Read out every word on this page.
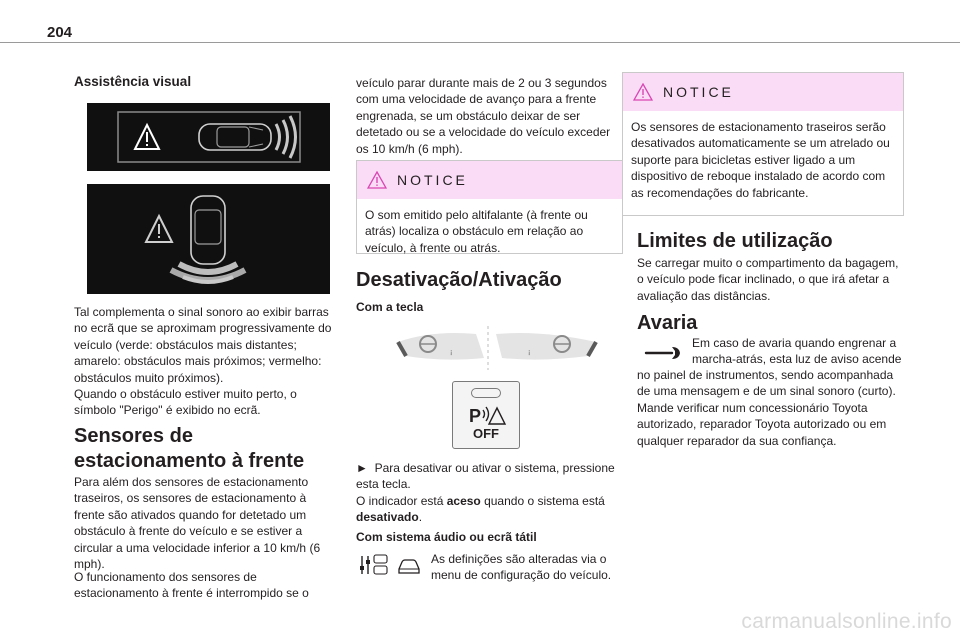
204
Assistência visual

Tal complementa o sinal sonoro ao exibir barras no ecrã que se aproximam progressivamente do veículo (verde: obstáculos mais distantes; amarelo: obstáculos mais próximos; vermelho: obstáculos muito próximos).

Quando o obstáculo estiver muito perto, o símbolo "Perigo" é exibido no ecrã.

Sensores de
estacionamento à frente

Para além dos sensores de estacionamento traseiros, os sensores de estacionamento à frente são ativados quando for detetado um obstáculo à frente do veículo e se estiver a circular a uma velocidade inferior a 10 km/h (6 mph).

O funcionamento dos sensores de estacionamento à frente é interrompido se o

veículo parar durante mais de 2 ou 3 segundos com uma velocidade de avanço para a frente engrenada, se um obstáculo deixar de ser detetado ou se a velocidade do veículo exceder os 10 km/h (6 mph).

NOTICE
O som emitido pelo altifalante (à frente ou atrás) localiza o obstáculo em relação ao veículo, à frente ou atrás.
Desativação/Ativação
Com a tecla
¡	¡
P
OFF

► Para desativar ou ativar o sistema, pressione esta tecla.

O indicador está aceso quando o sistema está desativado.

Com sistema áudio ou ecrã tátil

As definições são alteradas via o

menu de configuração do veículo.

NOTICE
Os sensores de estacionamento traseiros serão desativados automaticamente se um atrelado ou suporte para bicicletas estiver ligado a um dispositivo de reboque instalado de acordo com as recomendações do fabricante.
Limites de utilização

Se carregar muito o compartimento da bagagem, o veículo pode ficar inclinado, o que irá afetar a avaliação das distâncias.

Avaria

Em caso de avaria quando engrenar a

marcha-atrás, esta luz de aviso acende

no painel de instrumentos, sendo acompanhada de uma mensagem e de um sinal sonoro (curto). Mande verificar num concessionário Toyota autorizado, reparador Toyota autorizado ou em qualquer reparador da sua confiança.

carmanualsonline.info
